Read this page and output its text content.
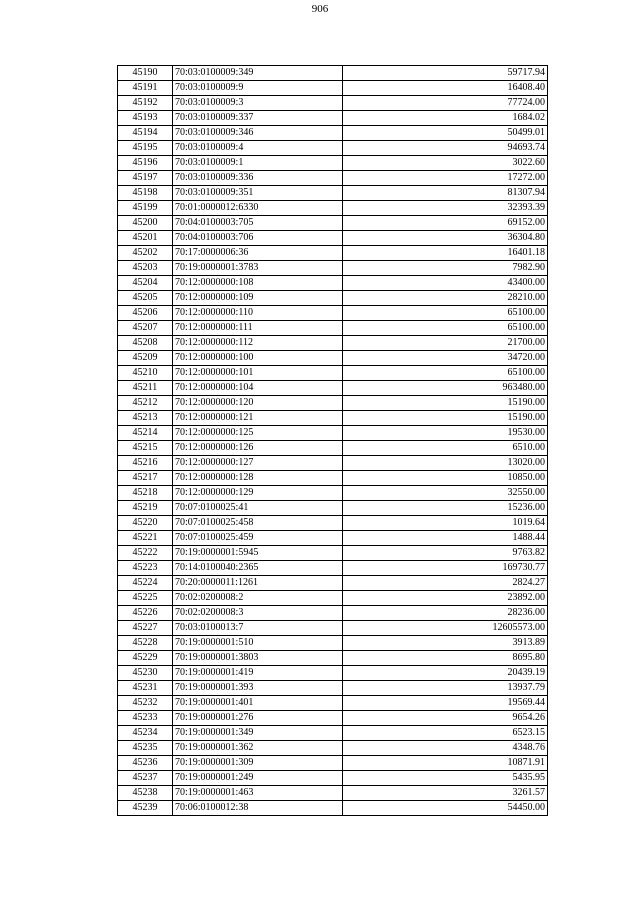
906
45190	70:03:0100009:349	59717.94
45191	70:03:0100009:9	16408.40
45192	70:03:0100009:3	77724.00
45193	70:03:0100009:337	1684.02
45194	70:03:0100009:346	50499.01
45195	70:03:0100009:4	94693.74
45196	70:03:0100009:1	3022.60
45197	70:03:0100009:336	17272.00
45198	70:03:0100009:351	81307.94
45199	70:01:0000012:6330	32393.39
45200	70:04:0100003:705	69152.00
45201	70:04:0100003:706	36304.80
45202	70:17:0000006:36	16401.18
45203	70:19:0000001:3783	7982.90
45204	70:12:0000000:108	43400.00
45205	70:12:0000000:109	28210.00
45206	70:12:0000000:110	65100.00
45207	70:12:0000000:111	65100.00
45208	70:12:0000000:112	21700.00
45209	70:12:0000000:100	34720.00
45210	70:12:0000000:101	65100.00
45211	70:12:0000000:104	963480.00
45212	70:12:0000000:120	15190.00
45213	70:12:0000000:121	15190.00
45214	70:12:0000000:125	19530.00
45215	70:12:0000000:126	6510.00
45216	70:12:0000000:127	13020.00
45217	70:12:0000000:128	10850.00
45218	70:12:0000000:129	32550.00
45219	70:07:0100025:41	15236.00
45220	70:07:0100025:458	1019.64
45221	70:07:0100025:459	1488.44
45222	70:19:0000001:5945	9763.82
45223	70:14:0100040:2365	169730.77
45224	70:20:0000011:1261	2824.27
45225	70:02:0200008:2	23892.00
45226	70:02:0200008:3	28236.00
45227	70:03:0100013:7	12605573.00
45228	70:19:0000001:510	3913.89
45229	70:19:0000001:3803	8695.80
45230	70:19:0000001:419	20439.19
45231	70:19:0000001:393	13937.79
45232	70:19:0000001:401	19569.44
45233	70:19:0000001:276	9654.26
45234	70:19:0000001:349	6523.15
45235	70:19:0000001:362	4348.76
45236	70:19:0000001:309	10871.91
45237	70:19:0000001:249	5435.95
45238	70:19:0000001:463	3261.57
45239	70:06:0100012:38	54450.00
